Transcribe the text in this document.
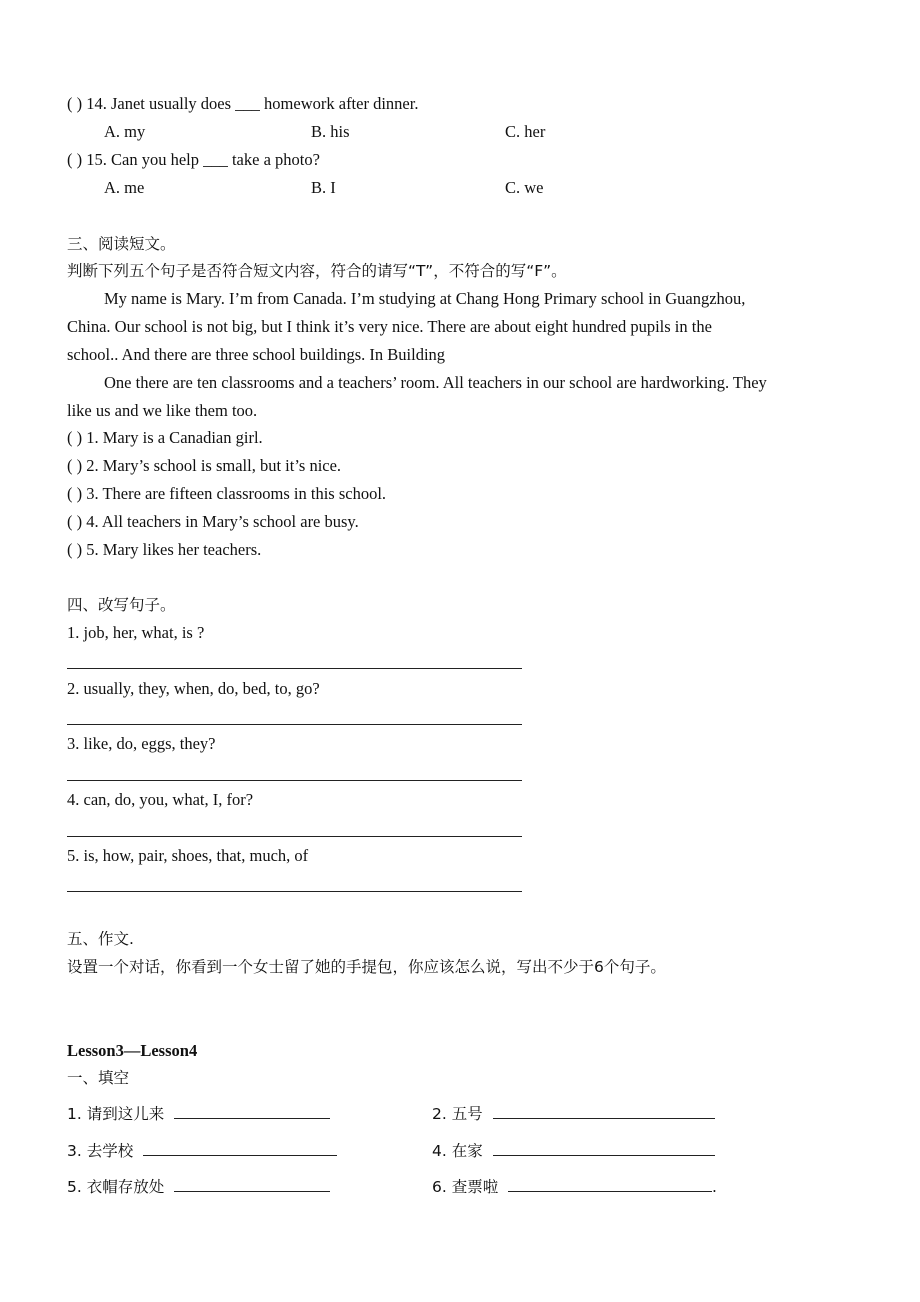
( ) 14. Janet usually does ___ homework after dinner.
A. my	B. his	C. her
( ) 15. Can you help ___ take a photo?
A. me	B. I	C. we
三、阅读短文。
判断下列五个句子是否符合短文内容，符合的请写“T”，不符合的写“F”。
My name is Mary. I’m from Canada. I’m studying at Chang Hong Primary school in Guangzhou,
China. Our school is not big, but I think it’s very nice. There are about eight hundred pupils in the
school.. And there are three school buildings. In Building
One there are ten classrooms and a teachers’ room. All teachers in our school are hardworking. They
like us and we like them too.
( ) 1. Mary is a Canadian girl.
( ) 2. Mary’s school is small, but it’s nice.
( ) 3. There are fifteen classrooms in this school.
( ) 4. All teachers in Mary’s school are busy.
( ) 5. Mary likes her teachers.
四、改写句子。
1. job, her, what, is ?
2. usually, they, when, do, bed, to, go?
3. like, do, eggs, they?
4. can, do, you, what, I, for?
5. is, how, pair, shoes, that, much, of
五、作文.
设置一个对话，你看到一个女士留了她的手提包，你应该怎么说，写出不少于6个句子。
Lesson3—Lesson4
一、填空
1. 请到这儿来	2. 五号
3. 去学校	4. 在家
5. 衣帽存放处	6. 查票啦	.
